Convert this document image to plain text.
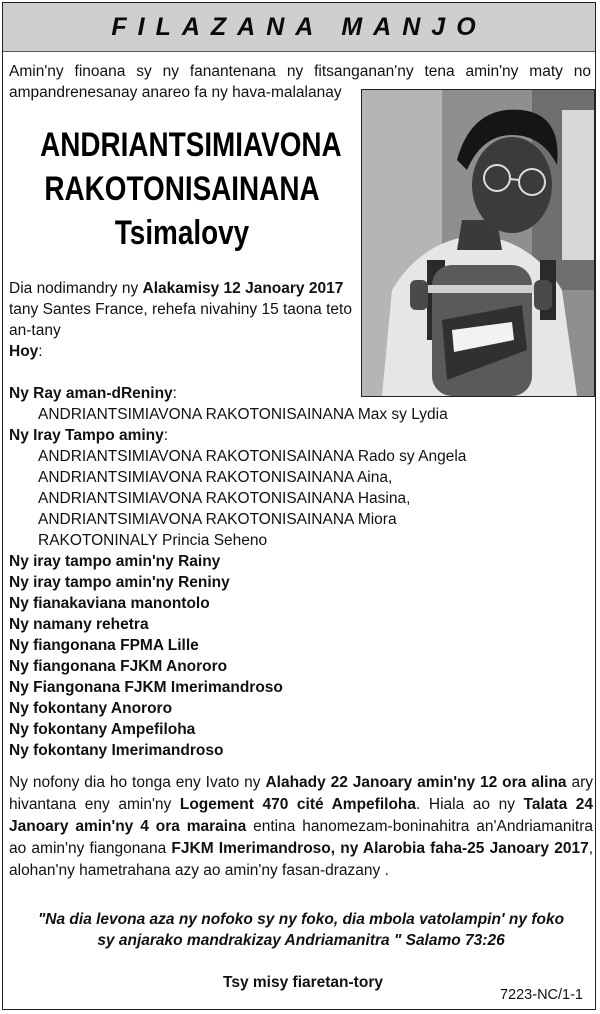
FILAZANA MANJO
Amin'ny finoana sy ny fanantenana ny fitsanganan'ny tena amin'ny maty no ampandrenesanay anareo fa ny hava-malalanay
ANDRIANTSIMIAVONA
RAKOTONISAINANA
Tsimalovy
Dia nodimandry ny Alakamisy 12 Janoary 2017 tany Santes France, rehefa nivahiny 15 taona teto an-tany
Hoy:
Ny Ray aman-dReniny:
ANDRIANTSIMIAVONA RAKOTONISAINANA Max sy Lydia
Ny Iray Tampo aminy:
ANDRIANTSIMIAVONA RAKOTONISAINANA Rado sy Angela
ANDRIANTSIMIAVONA RAKOTONISAINANA Aina,
ANDRIANTSIMIAVONA RAKOTONISAINANA Hasina,
ANDRIANTSIMIAVONA RAKOTONISAINANA Miora
RAKOTONINALY Princia Seheno
Ny iray tampo amin'ny Rainy
Ny iray tampo amin'ny Reniny
Ny fianakaviana manontolo
Ny namany rehetra
Ny fiangonana FPMA Lille
Ny fiangonana FJKM Anororo
Ny Fiangonana FJKM Imerimandroso
Ny fokontany Anororo
Ny fokontany Ampefiloha
Ny fokontany Imerimandroso
Ny nofony dia ho tonga eny Ivato ny Alahady 22 Janoary amin'ny 12 ora alina ary hivantana eny amin'ny Logement 470 cité Ampefiloha. Hiala ao ny Talata 24 Janoary amin'ny 4 ora maraina entina hanomezam-boninahitra an'Andriamanitra ao amin'ny fiangonana FJKM Imerimandroso, ny Alarobia faha-25 Janoary 2017, alohan'ny hametrahana azy ao amin'ny fasan-drazany .
"Na dia levona aza ny nofoko sy ny foko, dia mbola vatolampin' ny foko
sy anjarako mandrakizay Andriamanitra " Salamo 73:26
Tsy misy fiaretan-tory
7223-NC/1-1
